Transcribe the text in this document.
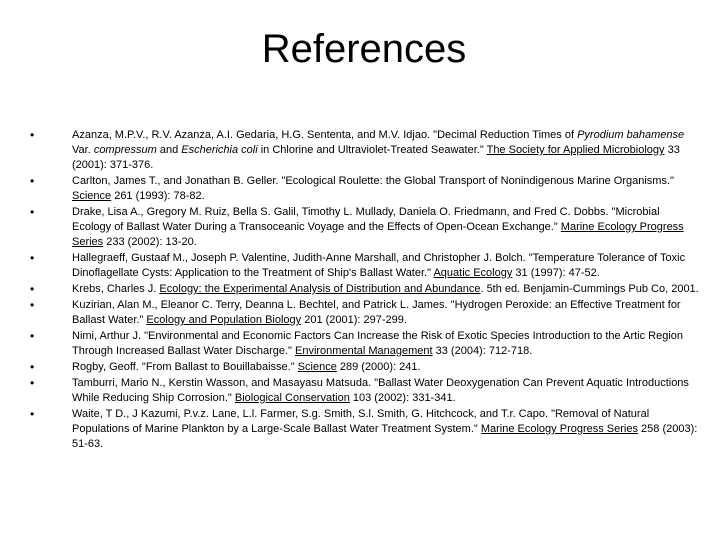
References
•	Azanza, M.P.V., R.V. Azanza, A.I. Gedaria, H.G. Sententa, and M.V. Idjao. "Decimal Reduction Times of Pyrodium bahamense Var. compressum and Escherichia coli in Chlorine and Ultraviolet-Treated Seawater." The Society for Applied Microbiology 33 (2001): 371-376.
•	Carlton, James T., and Jonathan B. Geller. "Ecological Roulette: the Global Transport of Nonindigenous Marine Organisms." Science 261 (1993): 78-82.
•	Drake, Lisa A., Gregory M. Ruiz, Bella S. Galil, Timothy L. Mullady, Daniela O. Friedmann, and Fred C. Dobbs. "Microbial Ecology of Ballast Water During a Transoceanic Voyage and the Effects of Open-Ocean Exchange." Marine Ecology Progress Series 233 (2002): 13-20.
•	Hallegraeff, Gustaaf M., Joseph P. Valentine, Judith-Anne Marshall, and Christopher J. Bolch. "Temperature Tolerance of Toxic Dinoflagellate Cysts: Application to the Treatment of Ship's Ballast Water." Aquatic Ecology 31 (1997): 47-52.
•	Krebs, Charles J. Ecology: the Experimental Analysis of Distribution and Abundance. 5th ed. Benjamin-Cummings Pub Co, 2001.
•	Kuzirian, Alan M., Eleanor C. Terry, Deanna L. Bechtel, and Patrick L. James. "Hydrogen Peroxide: an Effective Treatment for Ballast Water." Ecology and Population Biology 201 (2001): 297-299.
•	Nimi, Arthur J. "Environmental and Economic Factors Can Increase the Risk of Exotic Species Introduction to the Artic Region Through Increased Ballast Water Discharge." Environmental Management 33 (2004): 712-718.
•	Rogby, Geoff. "From Ballast to Bouillabaisse." Science 289 (2000): 241.
•	Tamburri, Mario N., Kerstin Wasson, and Masayasu Matsuda. "Ballast Water Deoxygenation Can Prevent Aquatic Introductions While Reducing Ship Corrosion." Biological Conservation 103 (2002): 331-341.
•	Waite, T D., J Kazumi, P.v.z. Lane, L.l. Farmer, S.g. Smith, S.l. Smith, G. Hitchcock, and T.r. Capo. "Removal of Natural Populations of Marine Plankton by a Large-Scale Ballast Water Treatment System." Marine Ecology Progress Series 258 (2003): 51-63.
